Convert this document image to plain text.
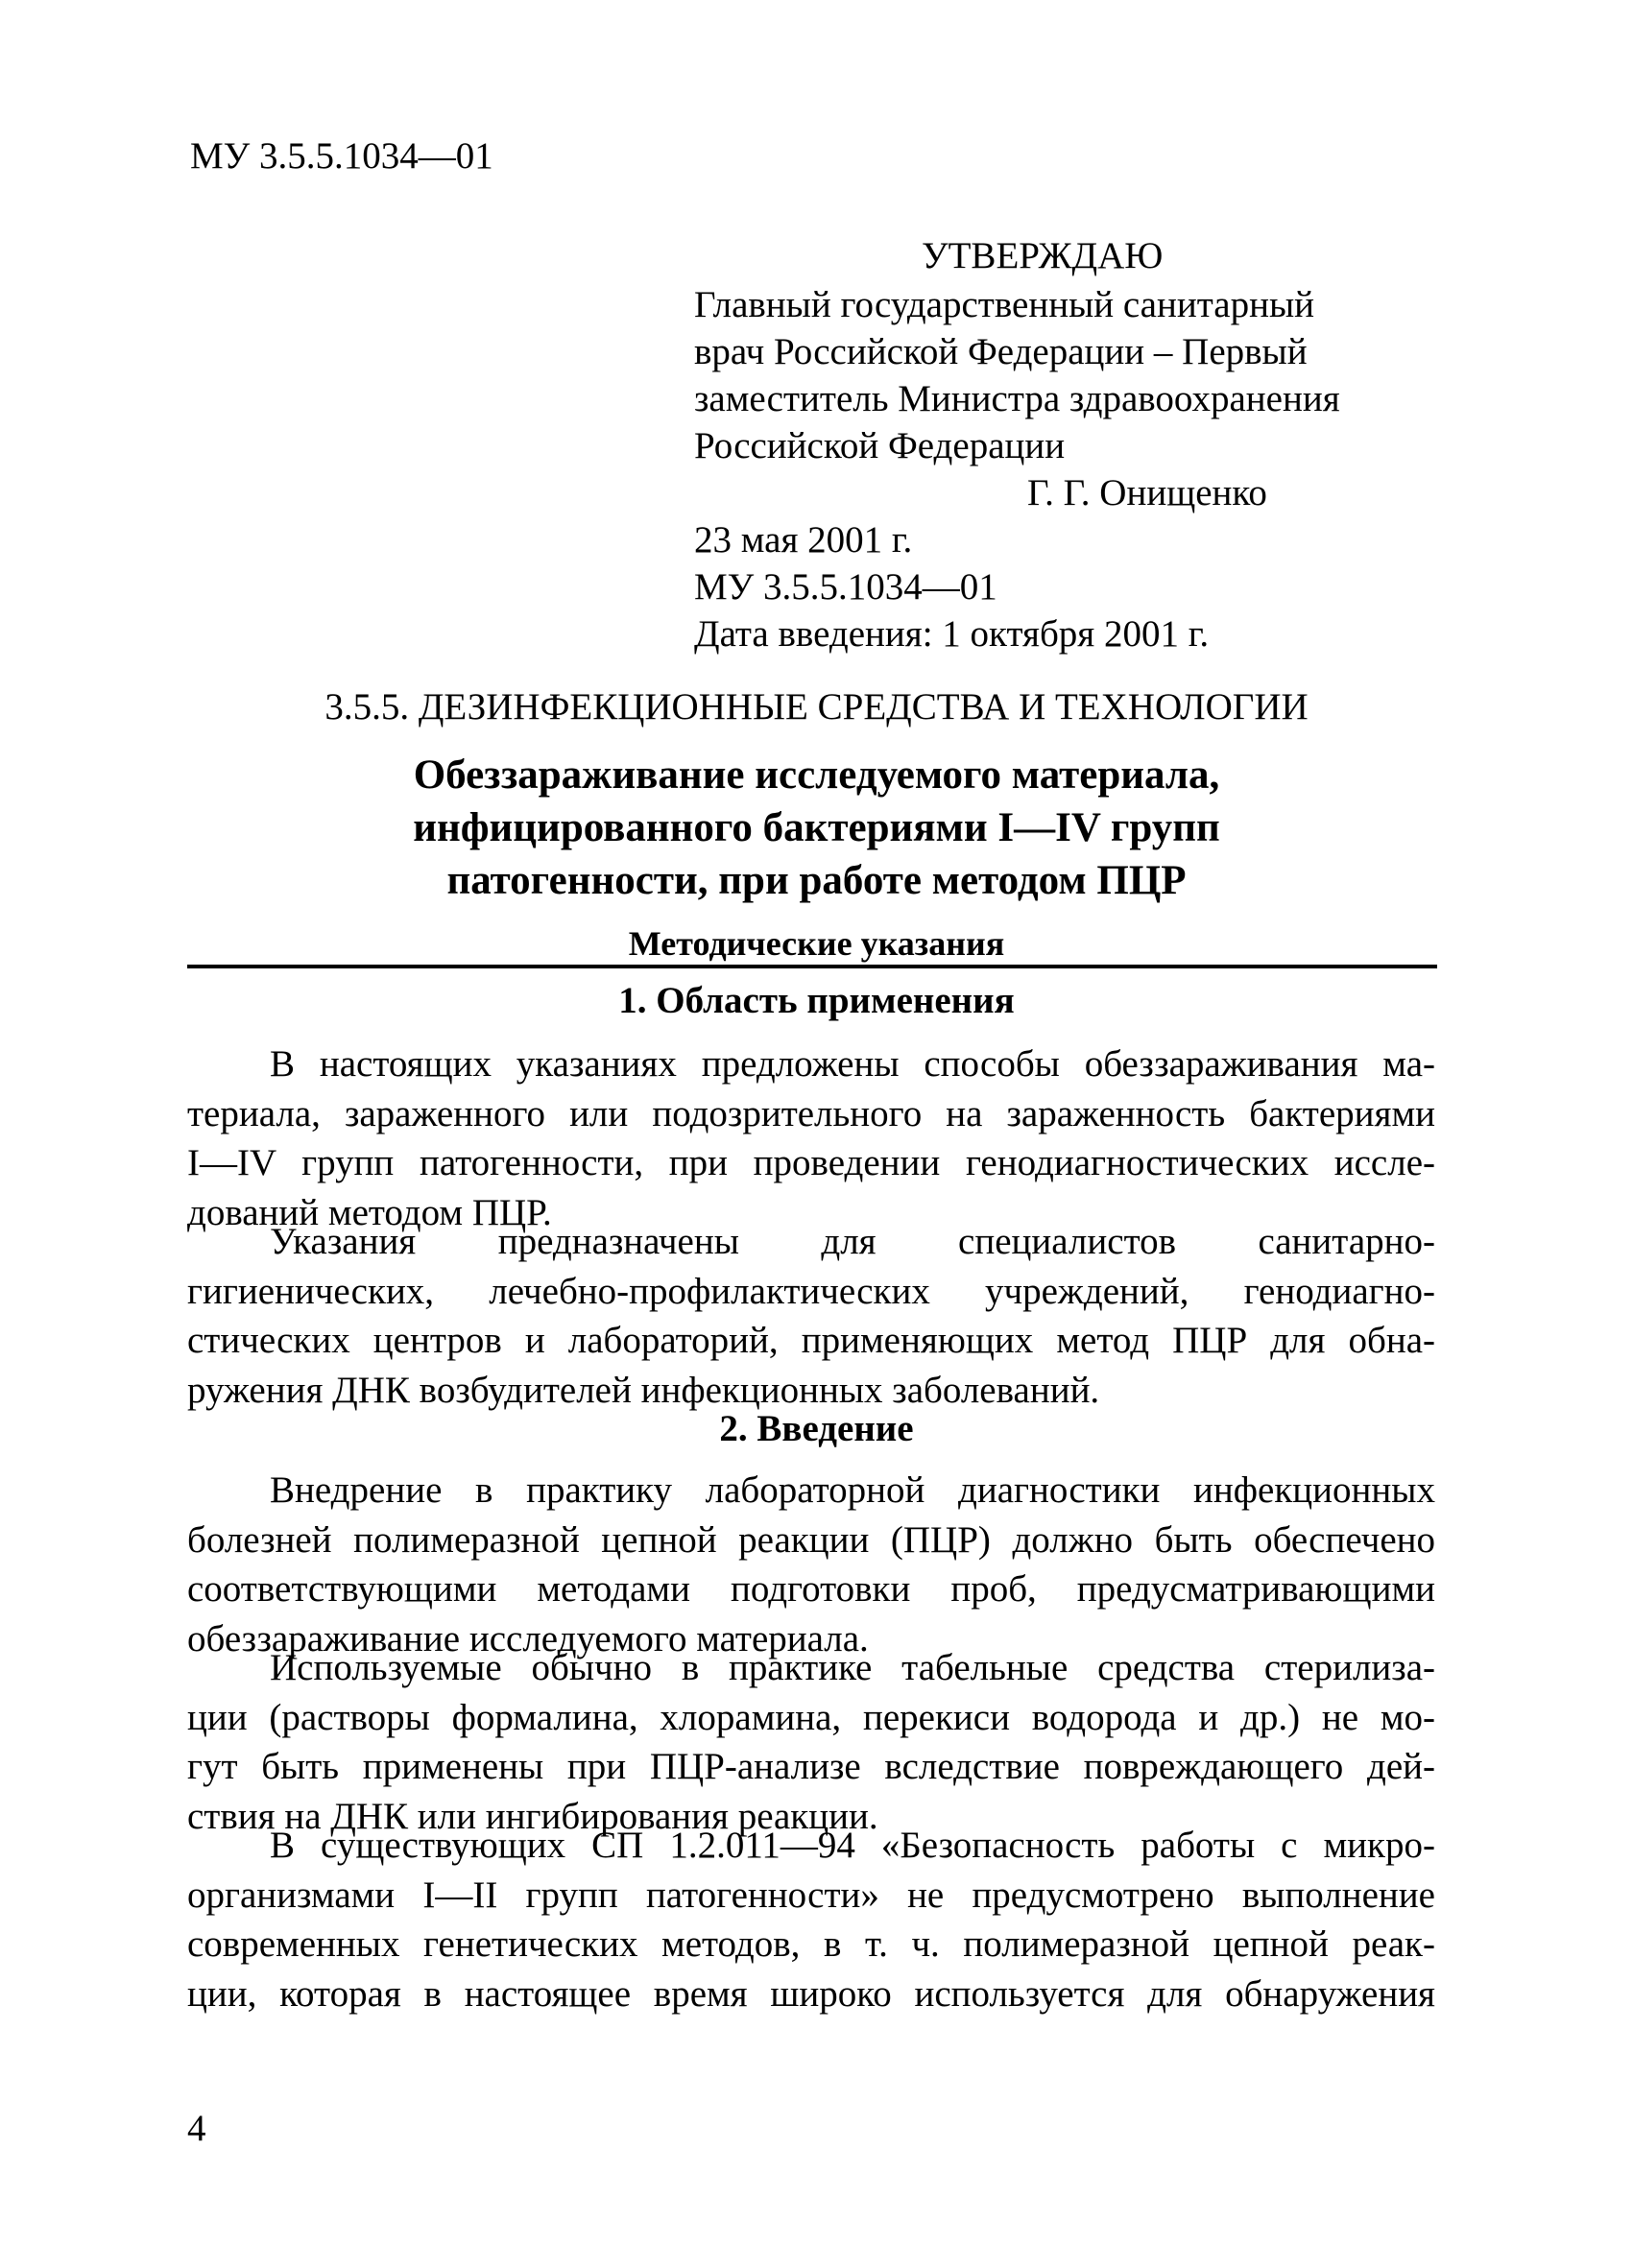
МУ 3.5.5.1034—01
УТВЕРЖДАЮ
Главный государственный санитарный
врач Российской Федерации – Первый
заместитель Министра здравоохранения
Российской Федерации
Г. Г. Онищенко
23 мая 2001 г.
МУ 3.5.5.1034—01
Дата введения: 1 октября 2001 г.
3.5.5. ДЕЗИНФЕКЦИОННЫЕ СРЕДСТВА И ТЕХНОЛОГИИ
Обеззараживание исследуемого материала,
инфицированного бактериями I—IV групп
патогенности, при работе методом ПЦР
Методические указания
1. Область применения
В настоящих указаниях предложены способы обеззараживания ма-
териала, зараженного или подозрительного на зараженность бактериями
I—IV групп патогенности, при проведении генодиагностических иссле-
дований методом ПЦР.
Указания предназначены для специалистов санитарно-
гигиенических, лечебно-профилактических учреждений, генодиагно-
стических центров и лабораторий, применяющих метод ПЦР для обна-
ружения ДНК возбудителей инфекционных заболеваний.
2. Введение
Внедрение в практику лабораторной диагностики инфекционных
болезней полимеразной цепной реакции (ПЦР) должно быть обеспечено
соответствующими методами подготовки проб, предусматривающими
обеззараживание исследуемого материала.
Используемые обычно в практике табельные средства стерилиза-
ции (растворы формалина, хлорамина, перекиси водорода и др.) не мо-
гут быть применены при ПЦР-анализе вследствие повреждающего дей-
ствия на ДНК или ингибирования реакции.
В существующих СП 1.2.011—94 «Безопасность работы с микро-
организмами I—II групп патогенности» не предусмотрено выполнение
современных генетических методов, в т. ч. полимеразной цепной реак-
ции, которая в настоящее время широко используется для обнаружения
4
